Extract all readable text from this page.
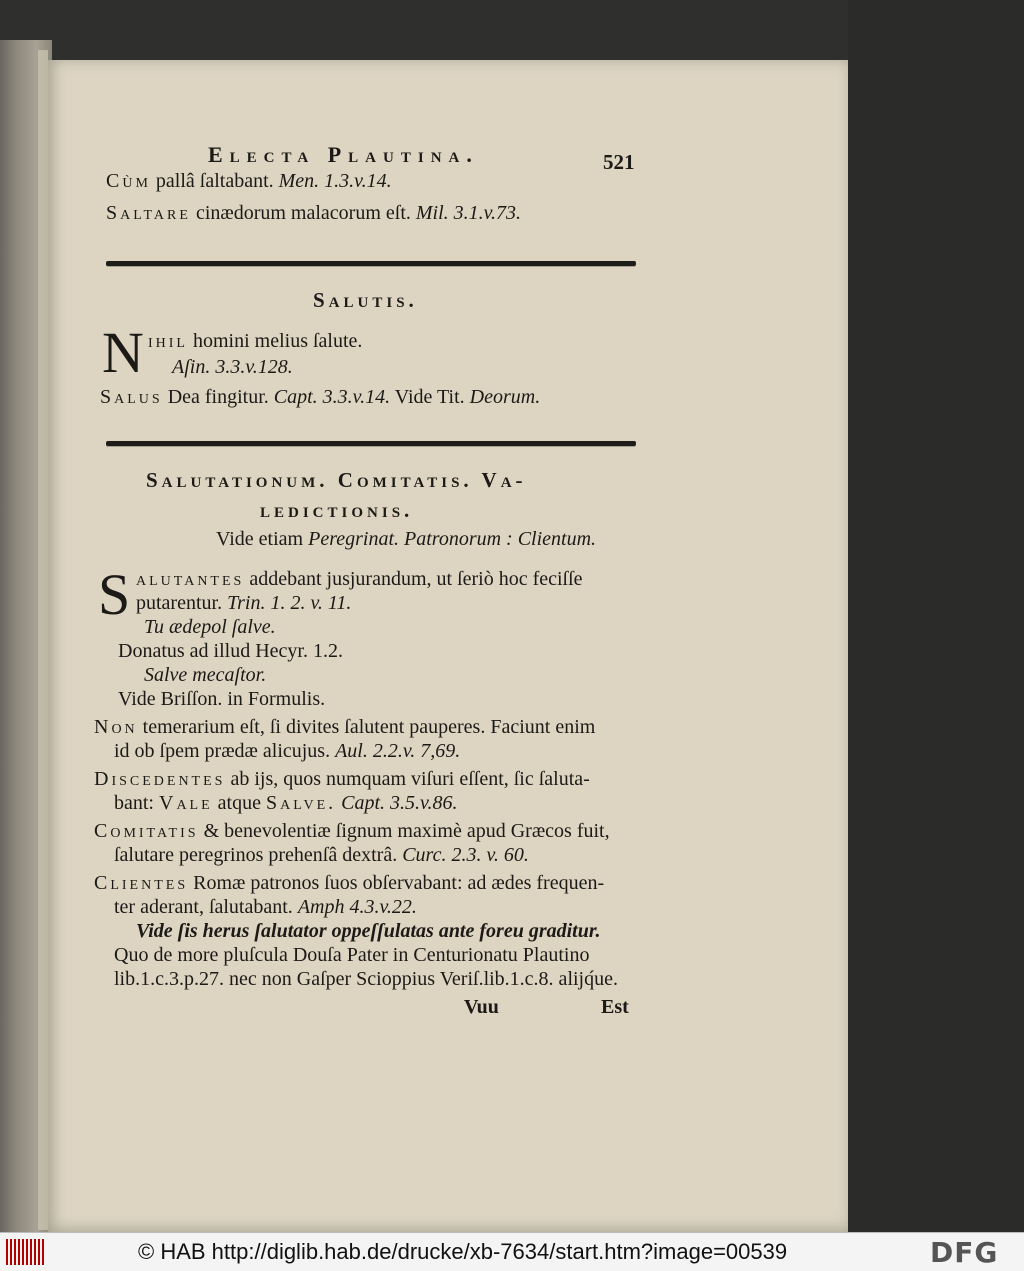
Electa Plautina.	521
Cùm pallâ ſaltabant. Men. 1.3.v.14.
Saltare cinædorum malacorum eſt. Mil. 3.1.v.73.
Salutis.
N ihil homini melius ſalute.
Aſin. 3.3.v.128.
Salus Dea fingitur. Capt. 3.3.v.14. Vide Tit. Deorum.
Salutationum. Comitatis. Va-
ledictionis.
Vide etiam Peregrinat. Patronorum : Clientum.
S alutantes addebant jusjurandum, ut ſeriò hoc feciſſe
putarentur. Trin. 1. 2. v. 11.
Tu ædepol ſalve.
Donatus ad illud Hecyr. 1.2.
Salve mecaſtor.
Vide Briſſon. in Formulis.
Non temerarium eſt, ſi divites ſalutent pauperes. Faciunt enim
id ob ſpem prædæ alicujus. Aul. 2.2.v. 7,69.
Discedentes ab ijs, quos numquam viſuri eſſent, ſic ſaluta-
bant: Vale atque Salve. Capt. 3.5.v.86.
Comitatis & benevolentiæ ſignum maximè apud Græcos fuit,
ſalutare peregrinos prehenſâ dextrâ. Curc. 2.3. v. 60.
Clientes Romæ patronos ſuos obſervabant: ad ædes frequen-
ter aderant, ſalutabant. Amph 4.3.v.22.
Vide ſis herus ſalutator oppeſſulatas ante foreu graditur.
Quo de more pluſcula Douſa Pater in Centurionatu Plautino
lib.1.c.3.p.27. nec non Gaſper Scioppius Veriſ.lib.1.c.8. alijq́ue.
Vuu	Est
© HAB http://diglib.hab.de/drucke/xb-7634/start.htm?image=00539	DFG
